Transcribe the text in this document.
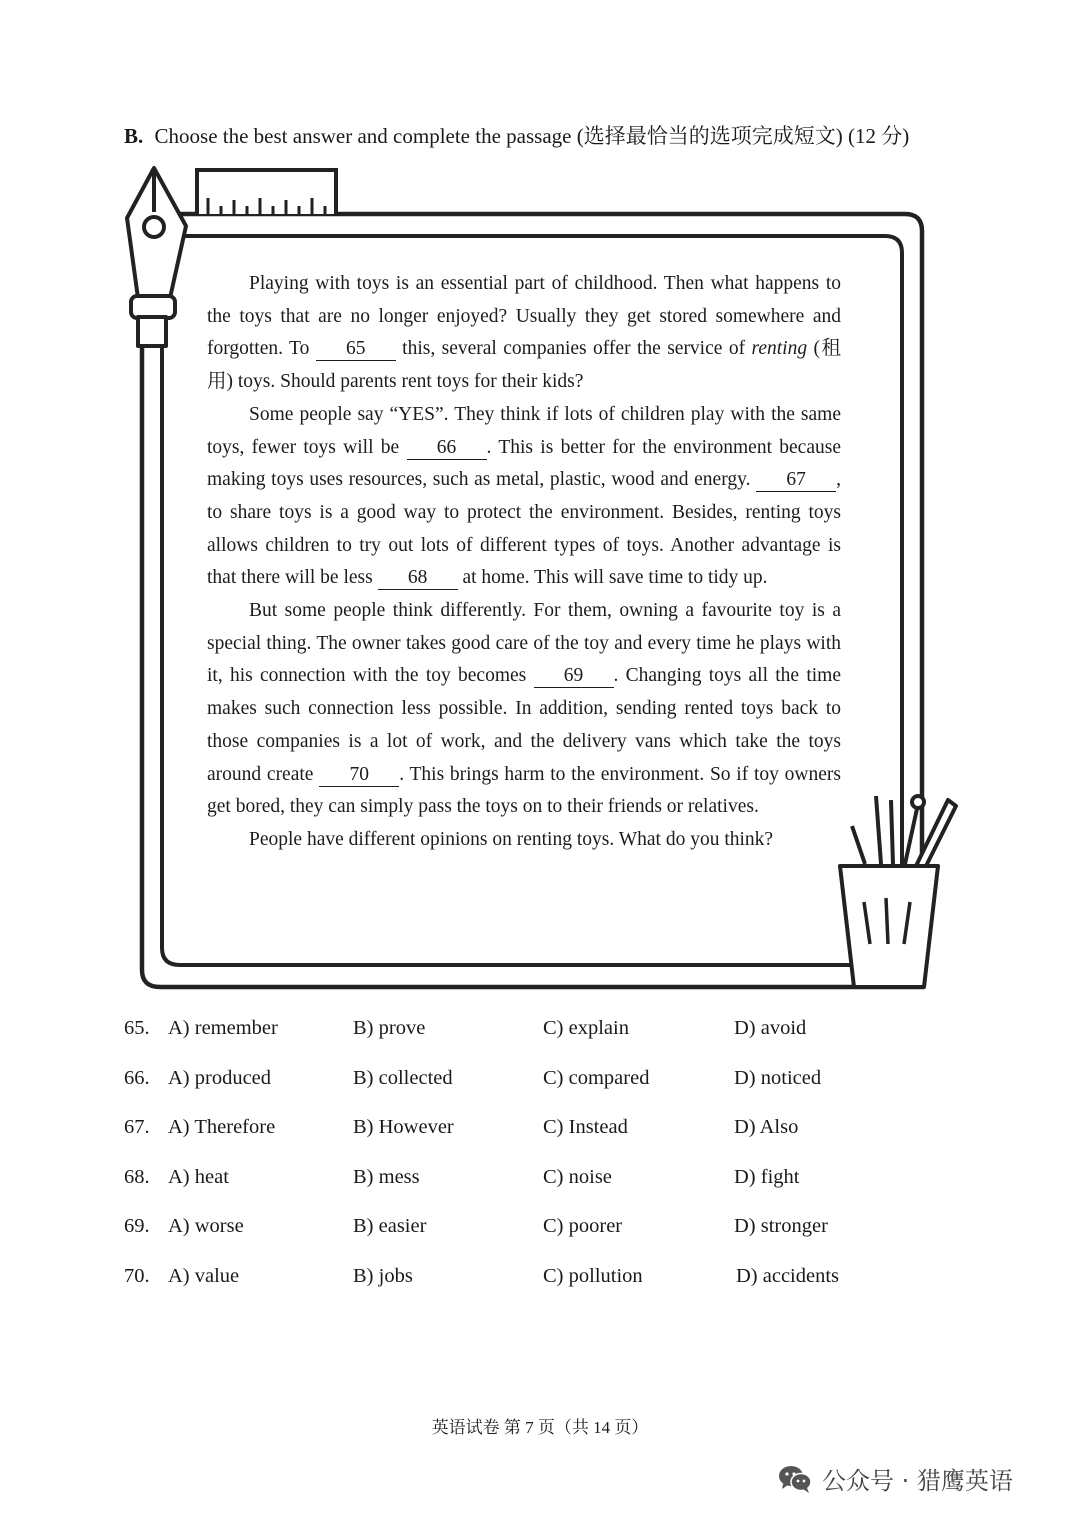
B. Choose the best answer and complete the passage (选择最恰当的选项完成短文) (12 分)

Playing with toys is an essential part of childhood. Then what happens to the toys that are no longer enjoyed? Usually they get stored somewhere and forgotten. To 65 this, several companies offer the service of renting (租用) toys. Should parents rent toys for their kids?

Some people say “YES”. They think if lots of children play with the same toys, fewer toys will be 66 . This is better for the environment because making toys uses resources, such as metal, plastic, wood and energy. 67 , to share toys is a good way to protect the environment. Besides, renting toys allows children to try out lots of different types of toys. Another advantage is that there will be less 68 at home. This will save time to tidy up.

But some people think differently. For them, owning a favourite toy is a special thing. The owner takes good care of the toy and every time he plays with it, his connection with the toy becomes 69 . Changing toys all the time makes such connection less possible. In addition, sending rented toys back to those companies is a lot of work, and the delivery vans which take the toys around create 70 . This brings harm to the environment. So if toy owners get bored, they can simply pass the toys on to their friends or relatives.

People have different opinions on renting toys. What do you think?

65. A) remember	B) prove	C) explain	D) avoid
66. A) produced	B) collected	C) compared	D) noticed
67. A) Therefore	B) However	C) Instead	D) Also
68. A) heat	B) mess	C) noise	D) fight
69. A) worse	B) easier	C) poorer	D) stronger
70. A) value	B) jobs	C) pollution	D) accidents
英语试卷 第 7 页（共 14 页）
公众号 · 猎鹰英语
